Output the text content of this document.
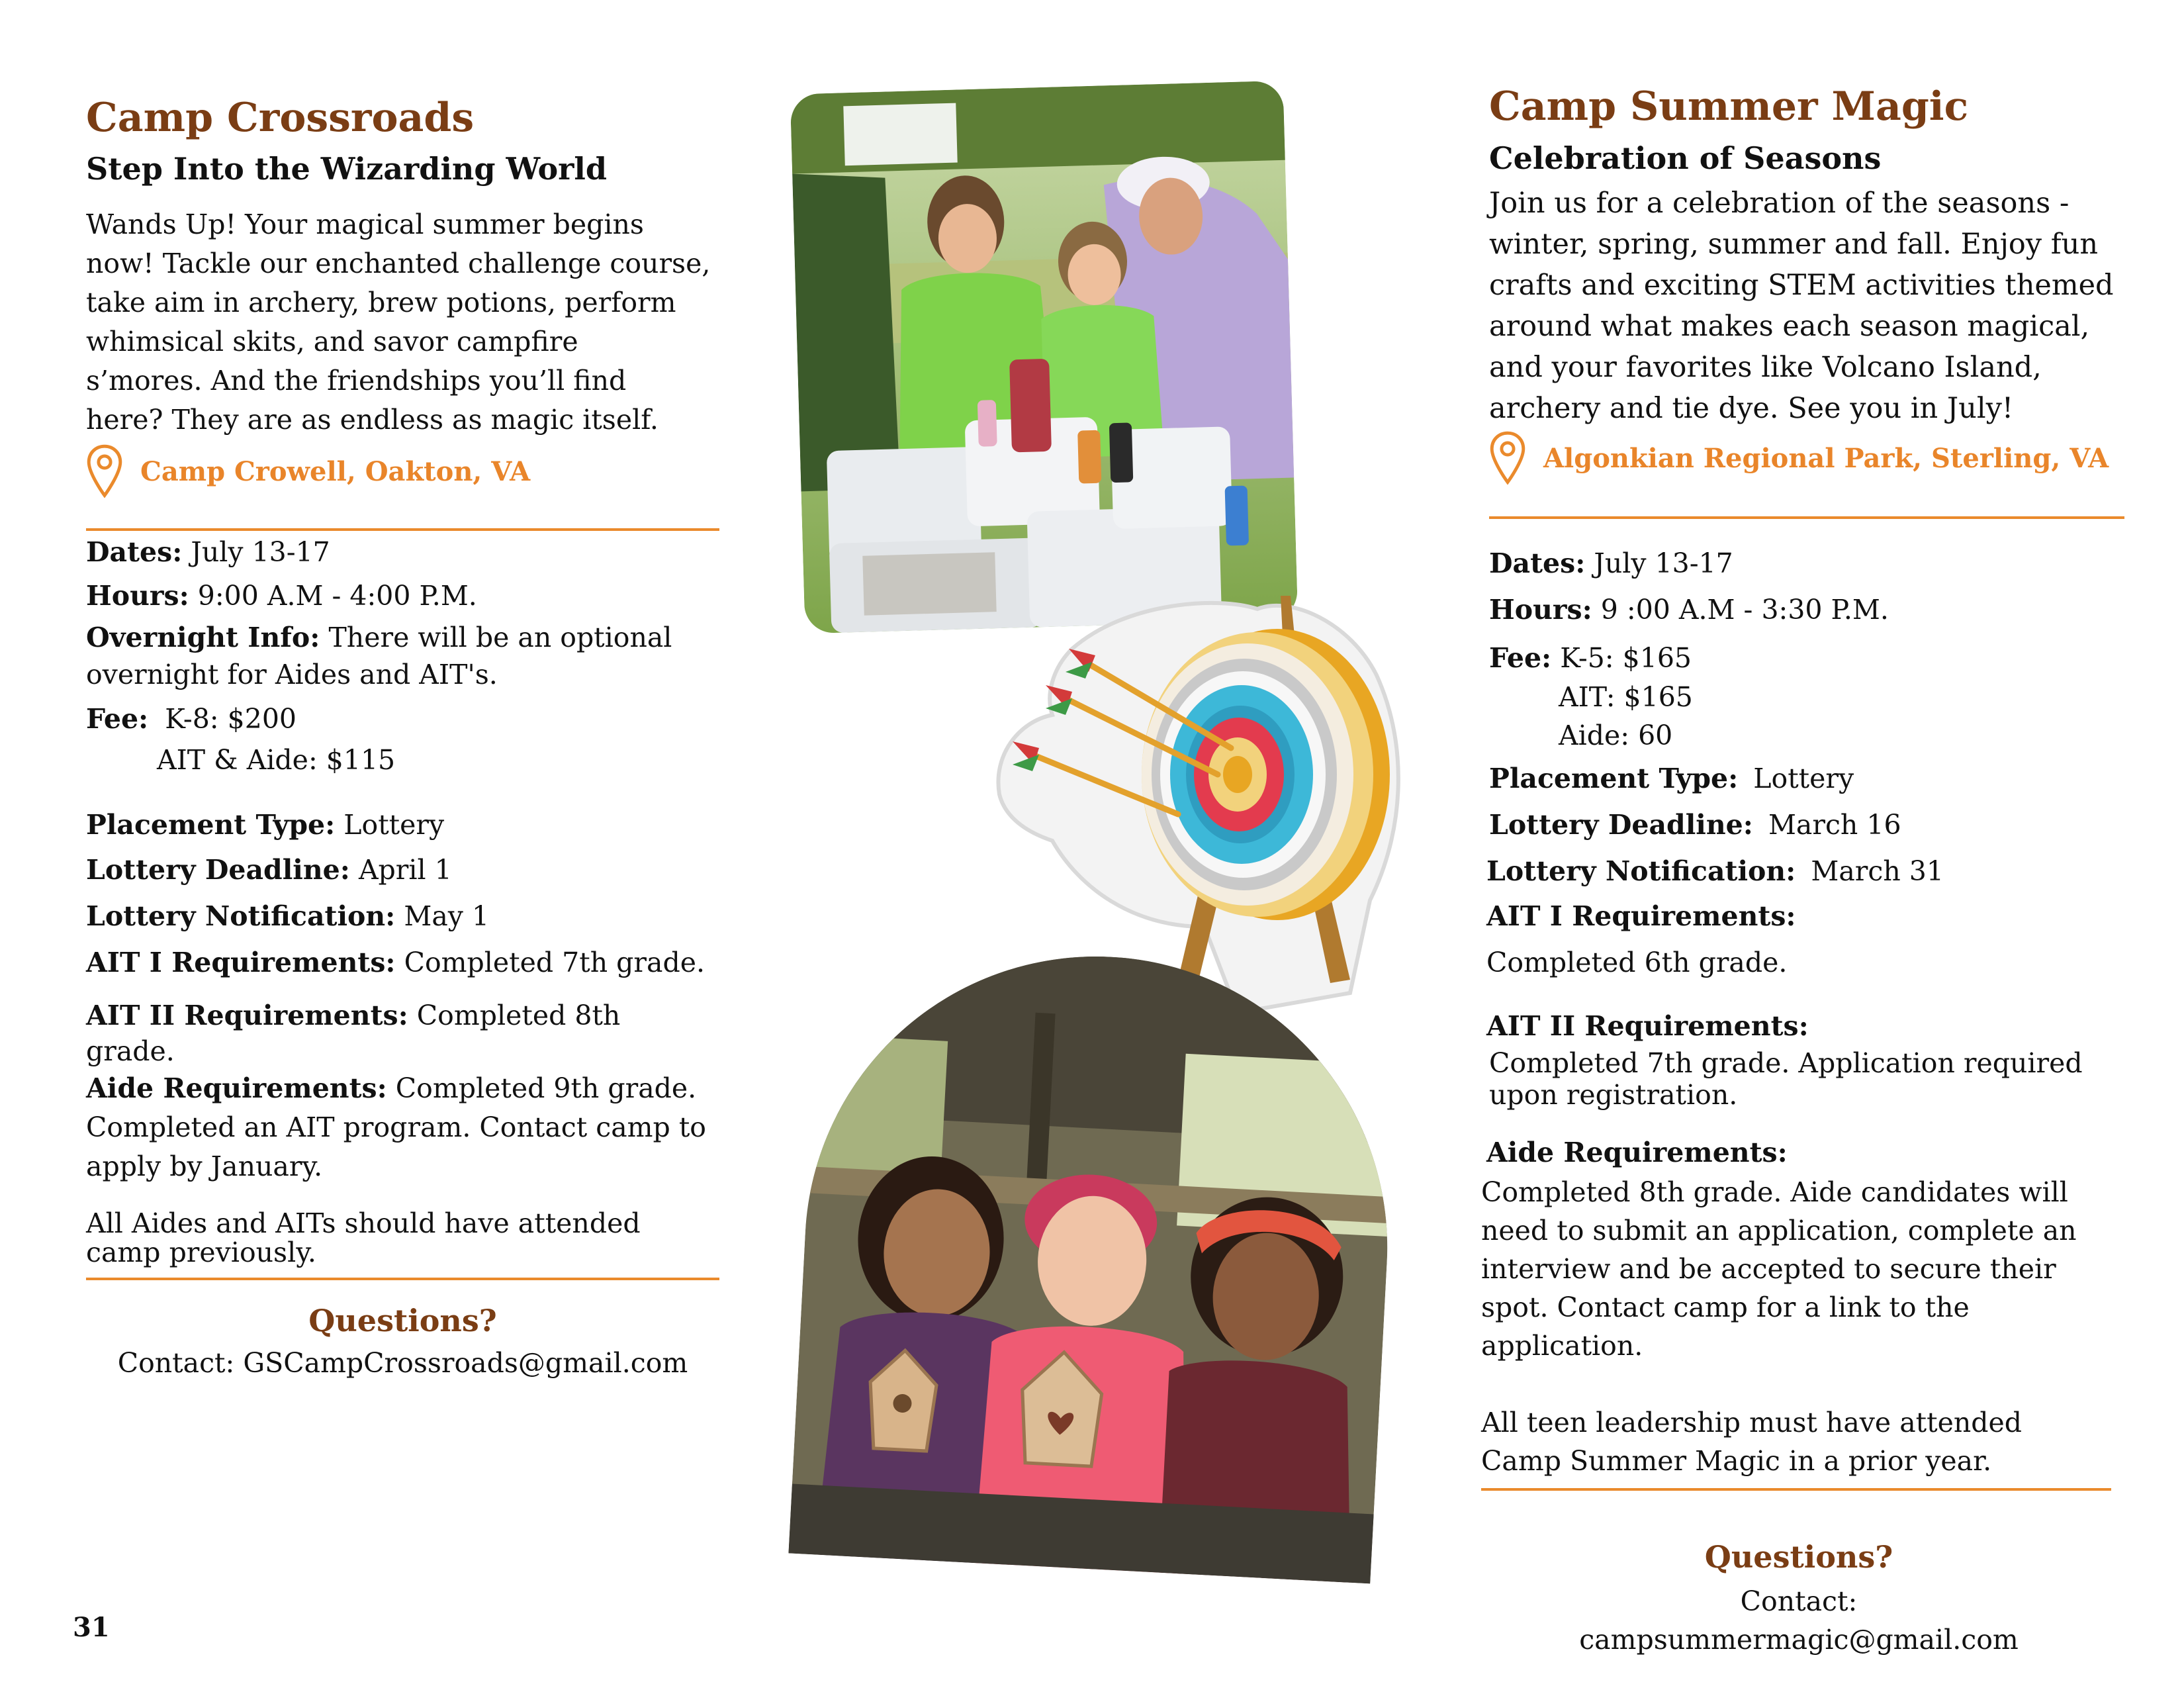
Camp Crossroads
Step Into the Wizarding World
Wands Up! Your magical summer begins
now! Tackle our enchanted challenge course,
take aim in archery, brew potions, perform
whimsical skits, and savor campfire
s’mores. And the friendships you’ll find
here? They are as endless as magic itself.
Camp Crowell, Oakton, VA
Dates: July 13-17
Hours: 9:00 A.M - 4:00 P.M.
Overnight Info: There will be an optional
overnight for Aides and AIT's.
Fee: K-8: $200
AIT & Aide: $115
Placement Type: Lottery
Lottery Deadline: April 1
Lottery Notification: May 1
AIT I Requirements: Completed 7th grade.
AIT II Requirements: Completed 8th
grade.
Aide Requirements: Completed 9th grade.
Completed an AIT program. Contact camp to
apply by January.
All Aides and AITs should have attended
camp previously.
Questions?
Contact: GSCampCrossroads@gmail.com
Camp Summer Magic
Celebration of Seasons
Join us for a celebration of the seasons -
winter, spring, summer and fall. Enjoy fun
crafts and exciting STEM activities themed
around what makes each season magical,
and your favorites like Volcano Island,
archery and tie dye. See you in July!
Algonkian Regional Park, Sterling, VA
Dates: July 13-17
Hours: 9 :00 A.M - 3:30 P.M.
Fee: K-5: $165
AIT: $165
Aide: 60
Placement Type: Lottery
Lottery Deadline: March 16
Lottery Notification: March 31
AIT I Requirements:
Completed 6th grade.
AIT II Requirements:
Completed 7th grade. Application required
upon registration.
Aide Requirements:
Completed 8th grade. Aide candidates will
need to submit an application, complete an
interview and be accepted to secure their
spot. Contact camp for a link to the
application.
All teen leadership must have attended
Camp Summer Magic in a prior year.
Questions?
Contact:
campsummermagic@gmail.com
31
